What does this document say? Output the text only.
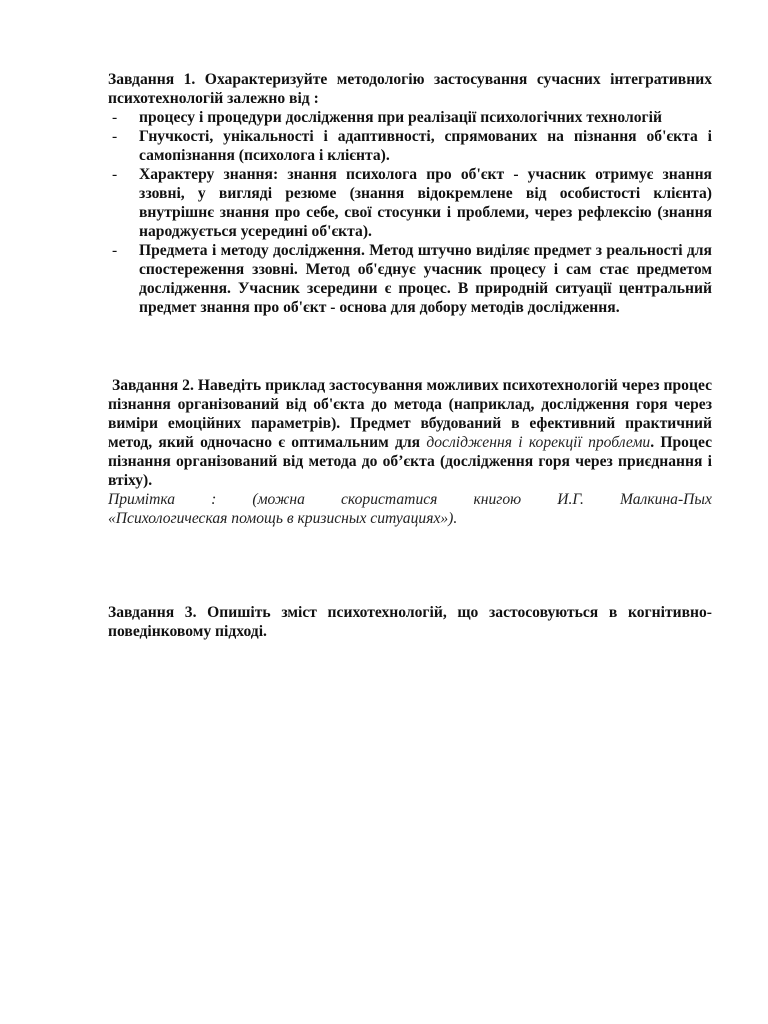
Завдання 1. Охарактеризуйте методологію застосування сучасних інтегративних психотехнологій залежно від :

- процесу і процедури дослідження при реалізації психологічних технологій
- Гнучкості, унікальності і адаптивності, спрямованих на пізнання об'єкта і самопізнання (психолога і клієнта).
- Характеру знання: знання психолога про об'єкт - учасник отримує знання ззовні, у вигляді резюме (знання відокремлене від особистості клієнта) внутрішнє знання про себе, свої стосунки і проблеми, через рефлексію (знання народжується усередині об'єкта).
- Предмета і методу дослідження. Метод штучно виділяє предмет з реальності для спостереження ззовні. Метод об'єднує учасник процесу і сам стає предметом дослідження. Учасник зсередини є процес. В природній ситуації центральний предмет знання про об'єкт - основа для добору методів дослідження.
Завдання 2. Наведіть приклад застосування можливих психотехнологій через процес пізнання організований від об'єкта до метода (наприклад, дослідження горя через виміри емоційних параметрів). Предмет вбудований в ефективний практичний метод, який одночасно є оптимальним для дослідження і корекції проблеми. Процес пізнання організований від метода до об’єкта (дослідження горя через приєднання і втіху).
Примітка : (можна скористатися книгою И.Г. Малкина-Пых
«Психологическая помощь в кризисных ситуациях»).

Завдання 3. Опишіть зміст психотехнологій, що застосовуються в когнітивно-поведінковому підході.
